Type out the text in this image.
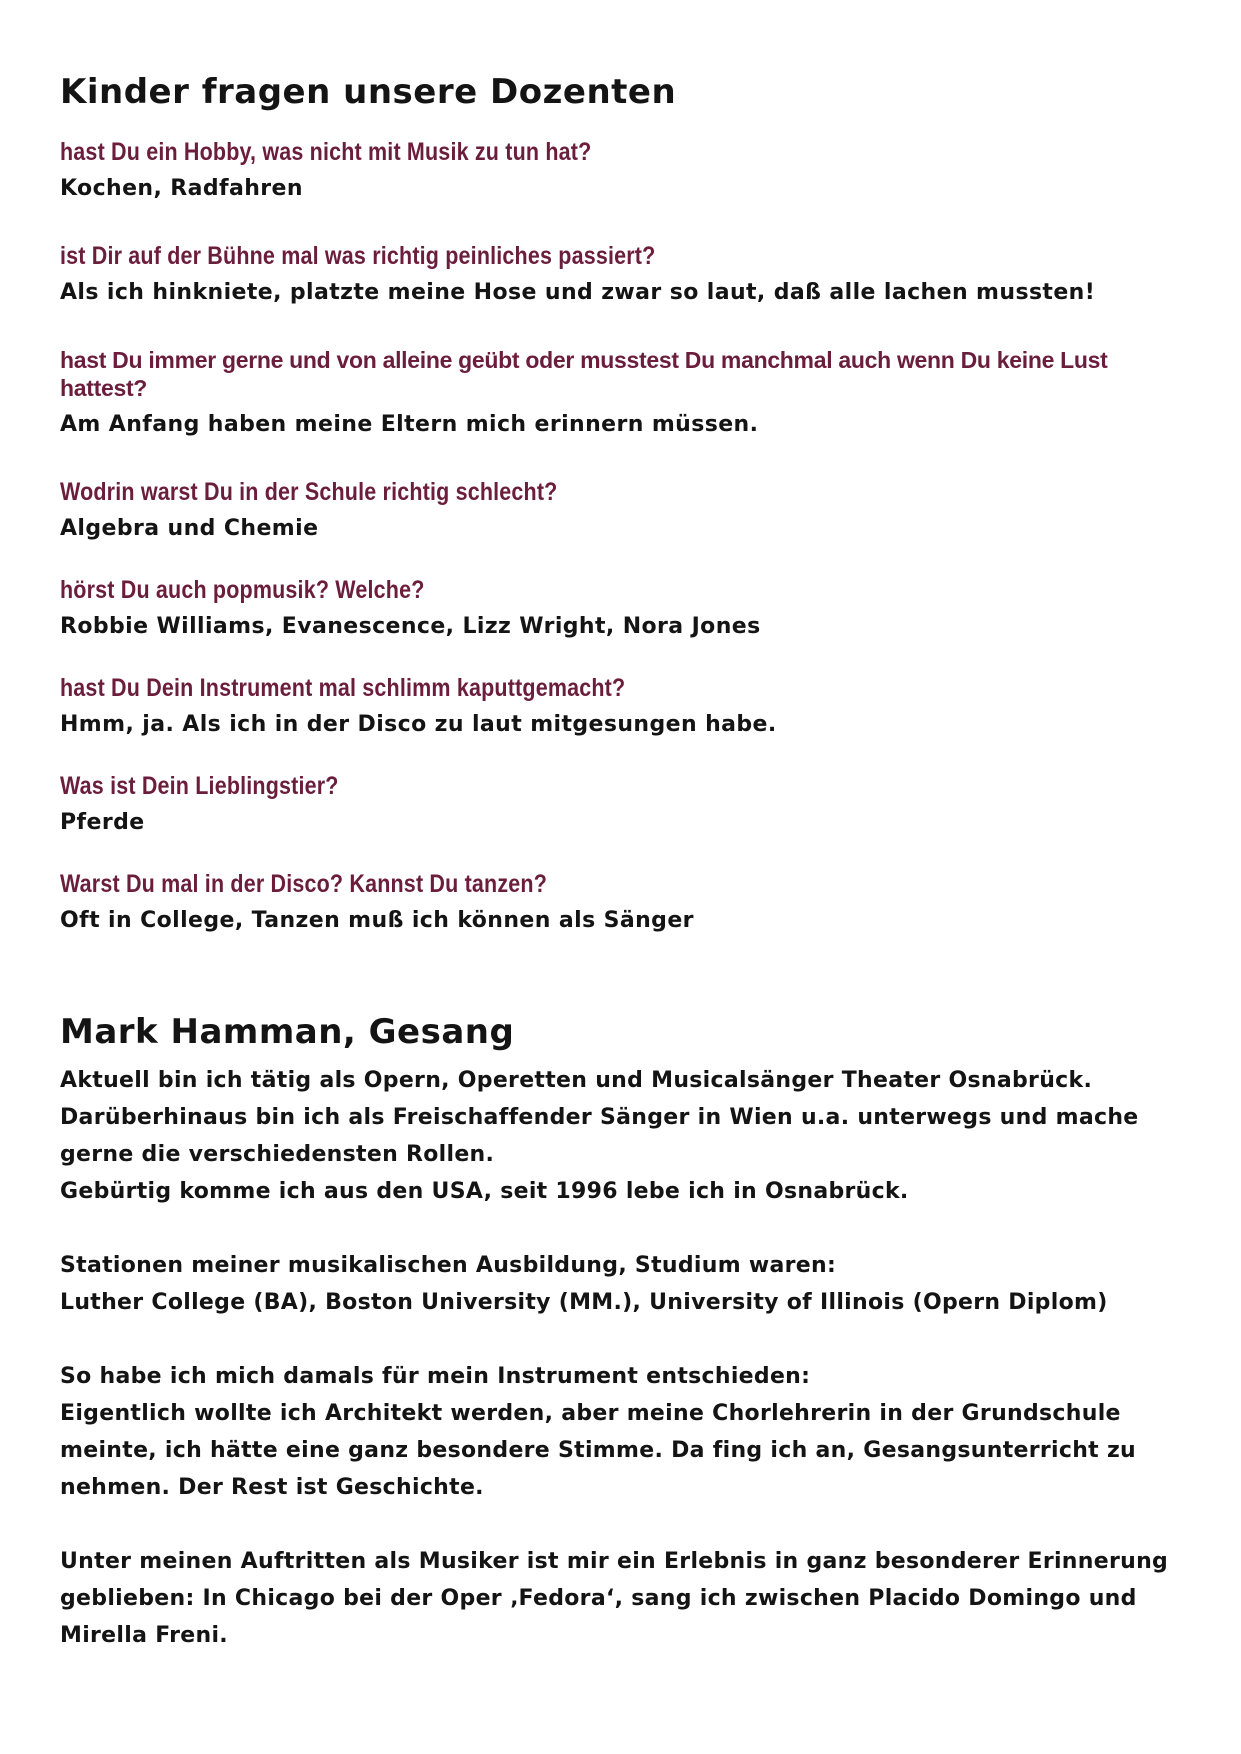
Kinder fragen unsere Dozenten

hast Du ein Hobby, was nicht mit Musik zu tun hat?

Kochen, Radfahren

ist Dir auf der Bühne mal was richtig peinliches passiert?

Als ich hinkniete, platzte meine Hose und zwar so laut, daß alle lachen mussten!

hast Du immer gerne und von alleine geübt oder musstest Du manchmal auch wenn Du keine Lust hattest?

Am Anfang haben meine Eltern mich erinnern müssen.

Wodrin warst Du in der Schule richtig schlecht?

Algebra und Chemie

hörst Du auch popmusik? Welche?

Robbie Williams, Evanescence, Lizz Wright, Nora Jones

hast Du Dein Instrument mal schlimm kaputtgemacht?

Hmm, ja. Als ich in der Disco zu laut mitgesungen habe.

Was ist Dein Lieblingstier?

Pferde

Warst Du mal in der Disco? Kannst Du tanzen?

Oft in College, Tanzen muß ich können als Sänger

Mark Hamman, Gesang

Aktuell bin ich tätig als Opern, Operetten und Musicalsänger Theater Osnabrück. Darüberhinaus bin ich als Freischaffender Sänger in Wien u.a. unterwegs und mache gerne die verschiedensten Rollen.

Gebürtig komme ich aus den USA, seit 1996 lebe ich in Osnabrück.

Stationen meiner musikalischen Ausbildung, Studium waren:

Luther College (BA), Boston University (MM.), University of Illinois (Opern Diplom)

So habe ich mich damals für mein Instrument entschieden:

Eigentlich wollte ich Architekt werden, aber meine Chorlehrerin in der Grundschule meinte, ich hätte eine ganz besondere Stimme. Da fing ich an, Gesangsunterricht zu nehmen. Der Rest ist Geschichte.

Unter meinen Auftritten als Musiker ist mir ein Erlebnis in ganz besonderer Erinnerung geblieben: In Chicago bei der Oper ‚Fedora‘, sang ich zwischen Placido Domingo und Mirella Freni.
